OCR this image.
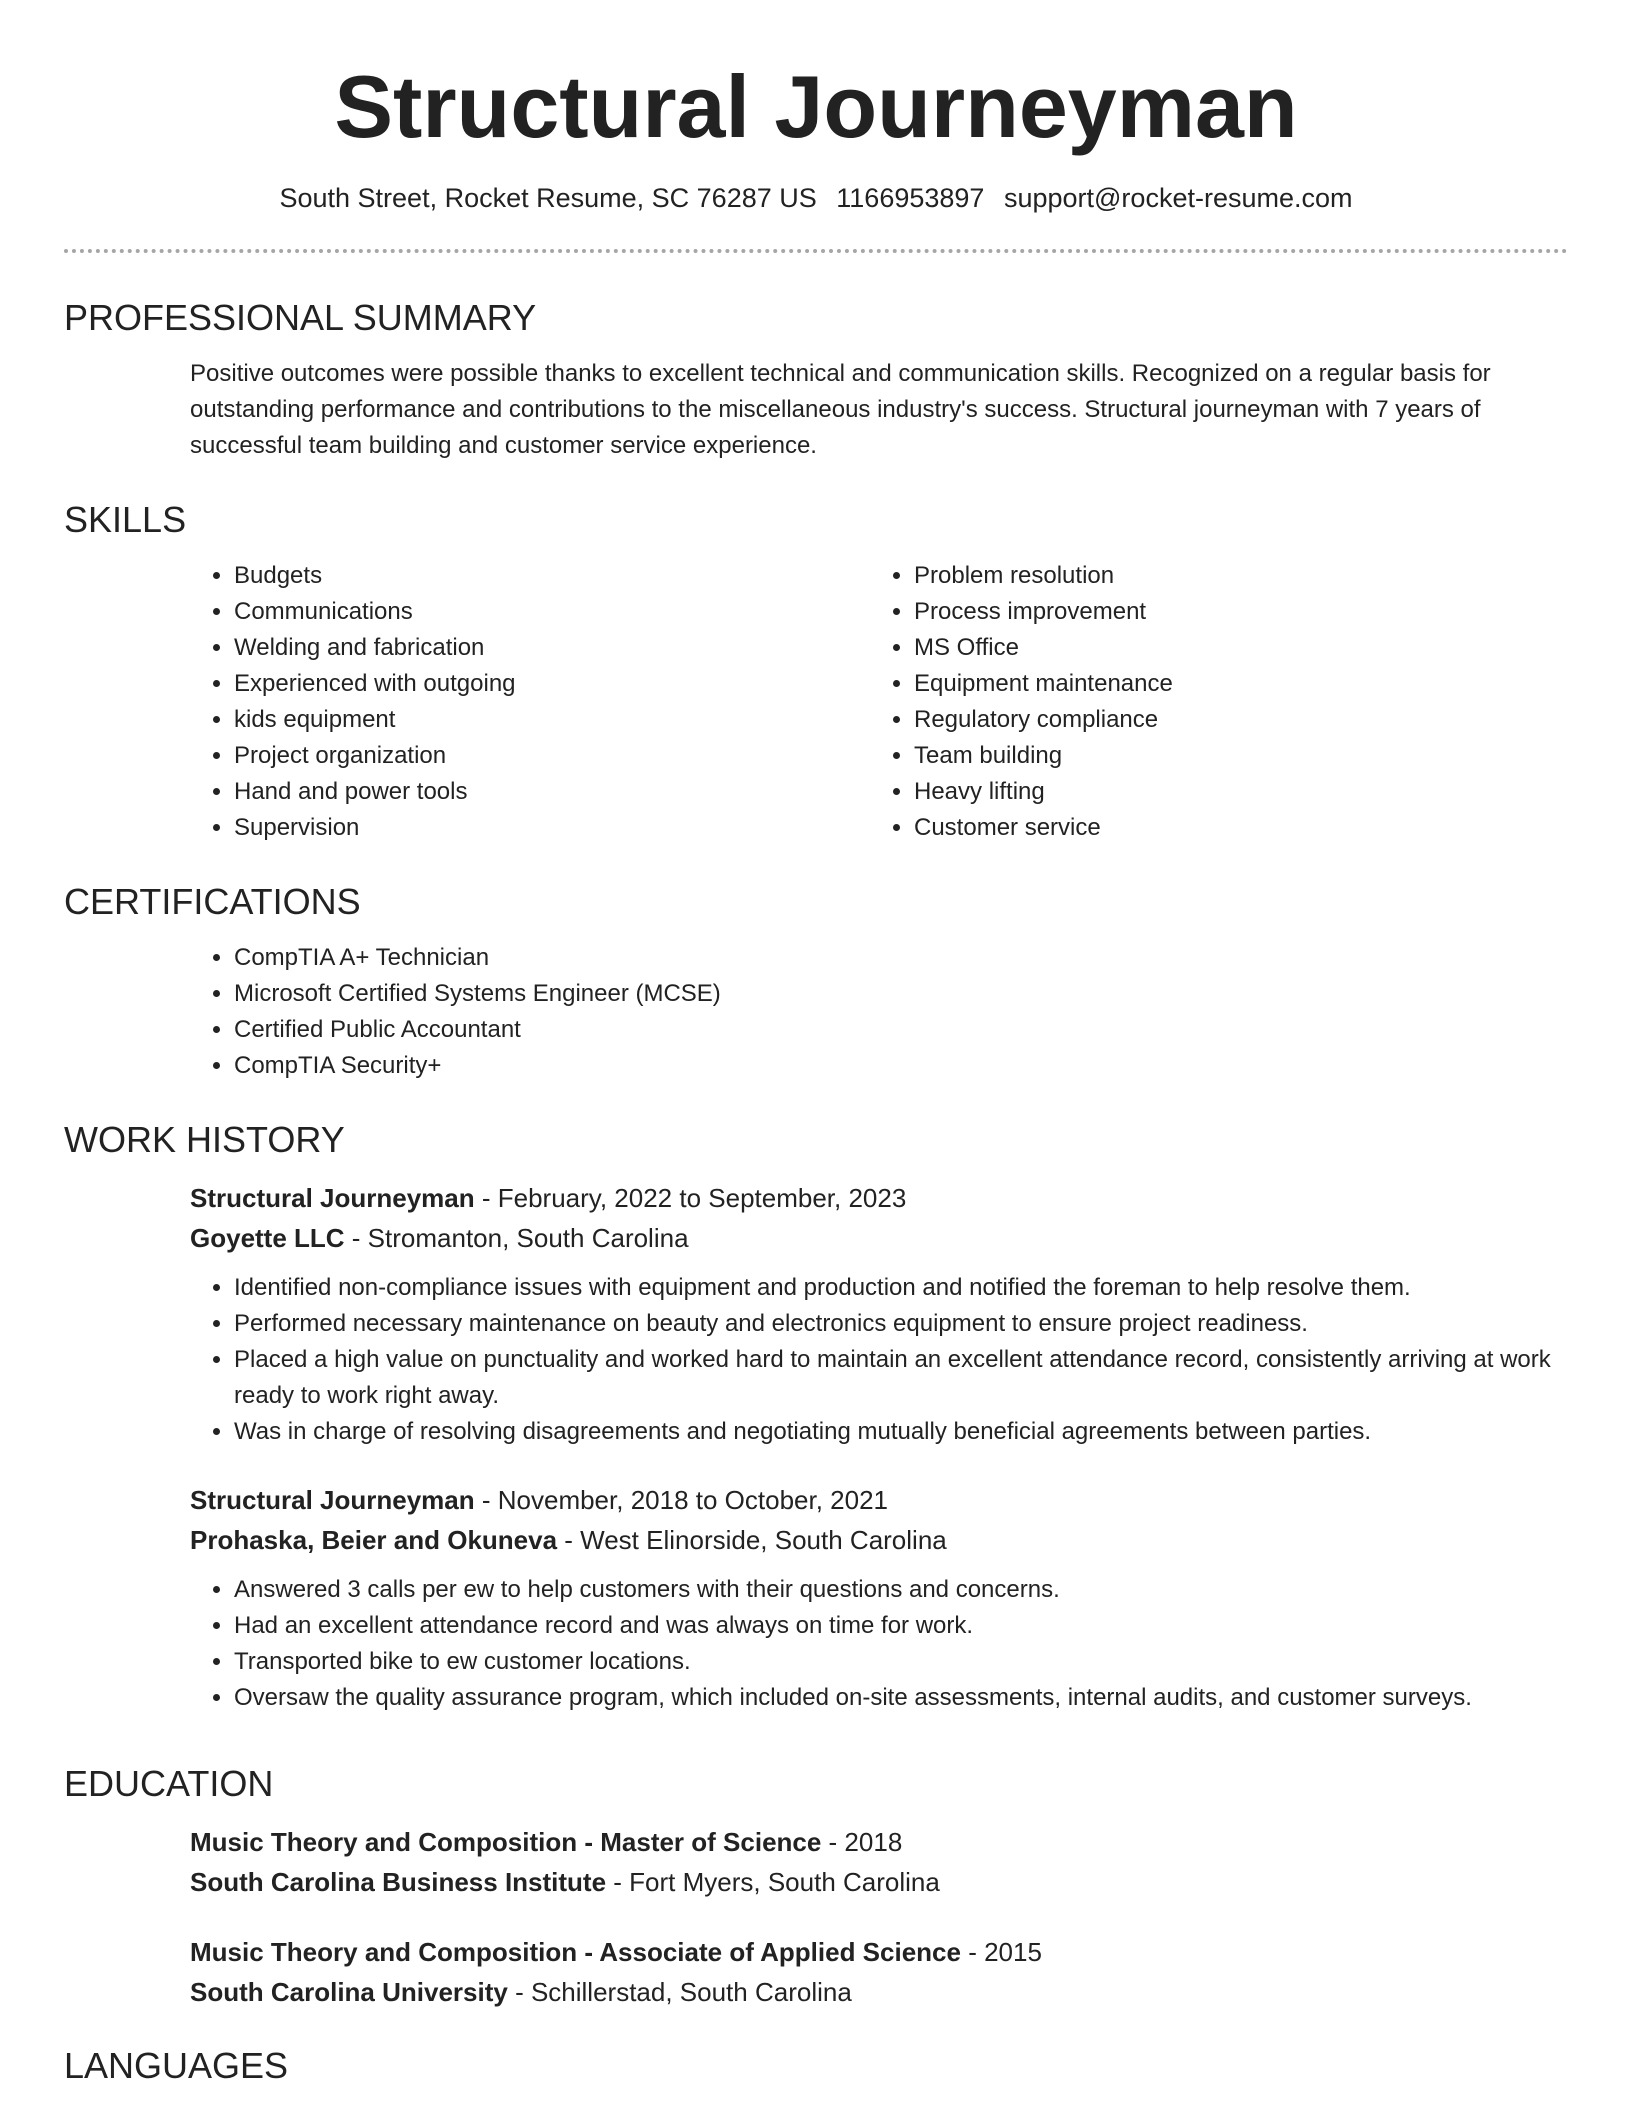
Structural Journeyman
South Street, Rocket Resume, SC 76287 US 1166953897 support@rocket-resume.com
PROFESSIONAL SUMMARY

Positive outcomes were possible thanks to excellent technical and communication skills. Recognized on a regular basis for outstanding performance and contributions to the miscellaneous industry's success. Structural journeyman with 7 years of successful team building and customer service experience.

SKILLS
• Budgets
• Communications
• Welding and fabrication
• Experienced with outgoing
• kids equipment
• Project organization
• Hand and power tools
• Supervision
• Problem resolution
• Process improvement
• MS Office
• Equipment maintenance
• Regulatory compliance
• Team building
• Heavy lifting
• Customer service
CERTIFICATIONS
• CompTIA A+ Technician
• Microsoft Certified Systems Engineer (MCSE)
• Certified Public Accountant
• CompTIA Security+
WORK HISTORY
Structural Journeyman - February, 2022 to September, 2023
Goyette LLC - Stromanton, South Carolina
• Identified non-compliance issues with equipment and production and notified the foreman to help resolve them.
• Performed necessary maintenance on beauty and electronics equipment to ensure project readiness.
• Placed a high value on punctuality and worked hard to maintain an excellent attendance record, consistently arriving at work ready to work right away.
• Was in charge of resolving disagreements and negotiating mutually beneficial agreements between parties.
Structural Journeyman - November, 2018 to October, 2021
Prohaska, Beier and Okuneva - West Elinorside, South Carolina
• Answered 3 calls per ew to help customers with their questions and concerns.
• Had an excellent attendance record and was always on time for work.
• Transported bike to ew customer locations.
• Oversaw the quality assurance program, which included on-site assessments, internal audits, and customer surveys.
EDUCATION
Music Theory and Composition - Master of Science - 2018
South Carolina Business Institute - Fort Myers, South Carolina
Music Theory and Composition - Associate of Applied Science - 2015
South Carolina University - Schillerstad, South Carolina
LANGUAGES
